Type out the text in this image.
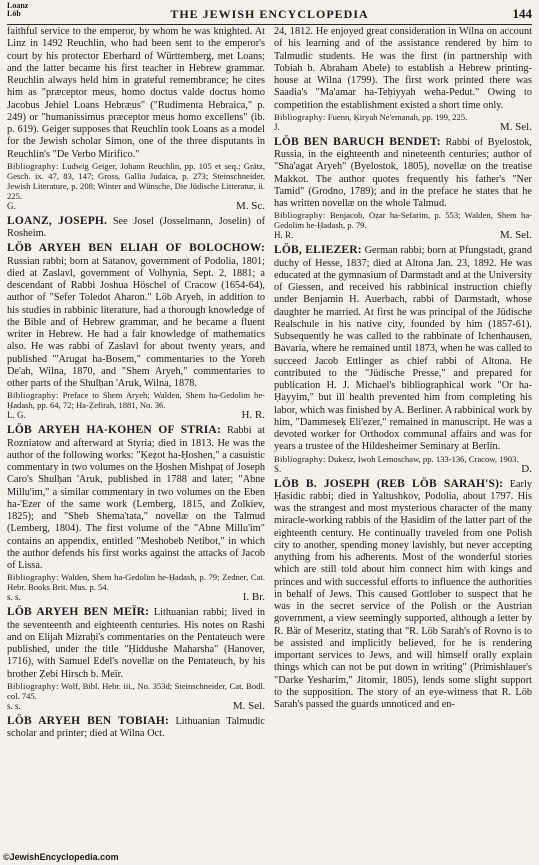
Loanz
Löb	THE JEWISH ENCYCLOPEDIA	144

faithful service to the emperor, by whom he was knighted. At Linz in 1492 Reuchlin, who had been sent to the emperor's court by his protector Eberhard of Württemberg, met Loans; and the latter became his first teacher in Hebrew grammar. Reuchlin always held him in grateful remembrance; he cites him as "præceptor meus, homo doctus valde doctus homo Jacobus Jehiel Loans Hebræus" ("Rudimenta Hebraica," p. 249) or "humanissimus præceptor meus homo excellens" (ib. p. 619). Geiger supposes that Reuchlin took Loans as a model for the Jewish scholar Simon, one of the three disputants in Reuchlin's "De Verbo Mirifico."

Bibliography: Ludwig Geiger, Johann Reuchlin, pp. 105 et seq.; Grätz, Gesch. ix. 47, 83, 147; Gross, Gallia Judaica, p. 273; Steinschneider, Jewish Literature, p. 208; Winter and Wünsche, Die Jüdische Litteratur, ii. 225.

G.	M. Sc.

LOANZ, JOSEPH. See Josel (Josselmann, Joselin) of Rosheim.

LÖB ARYEH BEN ELIAH OF BOLOCHOW: Russian rabbi; born at Satanov, government of Podolia, 1801; died at Zaslavl, government of Volhynia, Sept. 2, 1881; a descendant of Rabbi Joshua Höschel of Cracow (1654-64), author of "Sefer Toledot Aharon." Löb Aryeh, in addition to his studies in rabbinic literature, had a thorough knowledge of the Bible and of Hebrew grammar, and he became a fluent writer in Hebrew. He had a fair knowledge of mathematics also. He was rabbi of Zaslavl for about twenty years, and published "'Arugat ha-Bosem," commentaries to the Yoreh De'ah, Wilna, 1870, and "Shem Aryeh," commentaries to other parts of the Shulḥan 'Aruk, Wilna, 1878.

Bibliography: Preface to Shem Aryeh; Walden, Shem ha-Gedolim he-Ḥadash, pp. 64, 72; Ha-Ẓefirah, 1881, No. 36.

L. G.	H. R.

LÖB ARYEH HA-KOHEN OF STRIA: Rabbi at Rozniatow and afterward at Styria; died in 1813. He was the author of the following works: "Ḳeẓot ha-Ḥoshen," a casuistic commentary in two volumes on the Ḥoshen Mishpaṭ of Joseph Caro's Shulḥan 'Aruk, published in 1788 and later; "Abne Millu'im," a similar commentary in two volumes on the Eben ha-'Ezer of the same work (Lemberg, 1815, and Zolkiev, 1825); and "Sheb Shema'tata," novellæ on the Talmud (Lemberg, 1804). The first volume of the "Abne Millu'im" contains an appendix, entitled "Meshobeb Netibot," in which the author defends his first works against the attacks of Jacob of Lissa.

Bibliography: Walden, Shem ha-Gedolim he-Ḥadash, p. 79; Zedner, Cat. Hebr. Books Brit. Mus. p. 54.

s. s.	I. Br.

LÖB ARYEH BEN MEÏR: Lithuanian rabbi; lived in the seventeenth and eighteenth centuries. His notes on Rashi and on Elijah Mizraḥi's commentaries on the Pentateuch were published, under the title "Ḥiddushe Maharsha" (Hanover, 1716), with Samuel Edel's novellæ on the Pentateuch, by his brother Ẓebi Hirsch b. Meïr.

Bibliography: Wolf, Bibl. Hebr. iii., No. 353d; Steinschneider, Cat. Bodl. col. 745.

s. s.	M. Sel.

LÖB ARYEH BEN TOBIAH: Lithuanian Talmudic scholar and printer; died at Wilna Oct.

24, 1812. He enjoyed great consideration in Wilna on account of his learning and of the assistance rendered by him to Talmudic students. He was the first (in partnership with Tobiah b. Abraham Abele) to establish a Hebrew printing-house at Wilna (1799). The first work printed there was Saadia's "Ma'amar ha-Teḥiyyah weha-Pedut." Owing to competition the establishment existed a short time only.

Bibliography: Fuenn, Ḳiryah Ne'emanah, pp. 199, 225.

J.	M. Sel.

LÖB BEN BARUCH BENDET: Rabbi of Byelostok, Russia, in the eighteenth and nineteenth centuries; author of "Sha'agat Aryeh" (Byelostok, 1805), novellæ on the treatise Makkot. The author quotes frequently his father's "Ner Tamid" (Grodno, 1789); and in the preface he states that he has written novellæ on the whole Talmud.

Bibliography: Benjacob, Oẓar ha-Sefarim, p. 553; Walden, Shem ha-Gedolim he-Ḥadash, p. 79.

H. R.	M. Sel.

LÖB, ELIEZER: German rabbi; born at Pfungstadt, grand duchy of Hesse, 1837; died at Altona Jan. 23, 1892. He was educated at the gymnasium of Darmstadt and at the University of Giessen, and received his rabbinical instruction chiefly under Benjamin H. Auerbach, rabbi of Darmstadt, whose daughter he married. At first he was principal of the Jüdische Realschule in his native city, founded by him (1857-61). Subsequently he was called to the rabbinate of Ichenhausen, Bavaria, where he remained until 1873, when he was called to succeed Jacob Ettlinger as chief rabbi of Altona. He contributed to the "Jüdische Presse," and prepared for publication H. J. Michael's bibliographical work "Or ha-Ḥayyim," but ill health prevented him from completing his labor, which was finished by A. Berliner. A rabbinical work by him, "Dammeseḳ Eli'ezer," remained in manuscript. He was a devoted worker for Orthodox communal affairs and was for years a trustee of the Hildesheimer Seminary at Berlin.

Bibliography: Dukesz, Iwoh Lemoschaw, pp. 133-136, Cracow, 1903.

S.	D.

LÖB B. JOSEPH (REB LÖB SARAH'S): Early Ḥasidic rabbi; died in Yaltushkov, Podolia, about 1797. His was the strangest and most mysterious character of the many miracle-working rabbis of the Ḥasidim of the latter part of the eighteenth century. He continually traveled from one Polish city to another, spending money lavishly, but never accepting anything from his adherents. Most of the wonderful stories which are still told about him connect him with kings and princes and with successful efforts to influence the authorities in behalf of Jews. This caused Gottlober to suspect that he was in the secret service of the Polish or the Austrian government, a view seemingly supported, although a letter by R. Bär of Meseritz, stating that "R. Löb Sarah's of Rovno is to be assisted and implicitly believed, for he is rendering important services to Jews, and will himself orally explain things which can not be put down in writing" (Primishlauer's "Darke Yesharim," Jitomir, 1805), lends some slight support to the supposition. The story of an eye-witness that R. Löb Sarah's passed the guards unnoticed and en-

©JewishEncyclopedia.com
